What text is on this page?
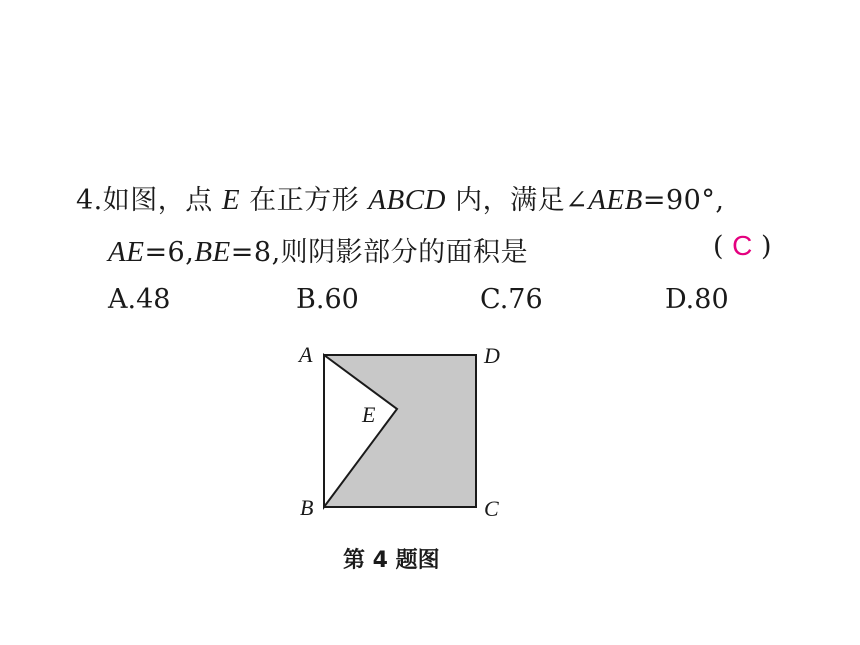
4.如图，点 E 在正方形 ABCD 内，满足∠AEB=90°,
AE=6,BE=8,则阴影部分的面积是	( C )
A.48	B.60	C.76	D.80
A	D
B	C
E
第 4 题图
